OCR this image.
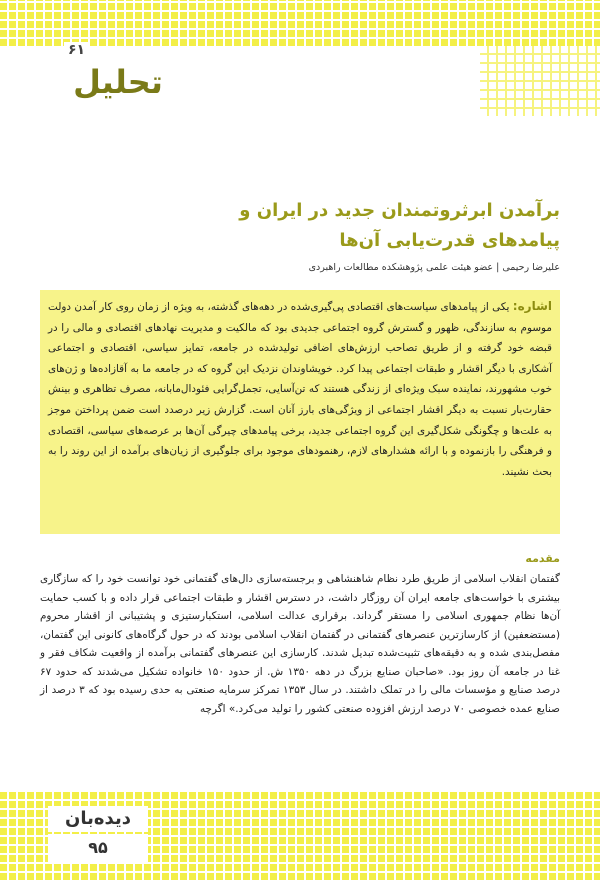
تحلیل
۶۱
برآمدن ابرثروتمندان جدید در ایران و
پیامدهای قدرت‌یابی آن‌ها
علیرضا رحیمی | عضو هیئت علمی پژوهشکده مطالعات راهبردی
اشاره: یکی از پیامدهای سیاست‌های اقتصادی پی‌گیری‌شده در دهه‌های گذشته، به ویژه از زمان روی کار آمدن دولت موسوم به سازندگی، ظهور و گسترش گروه اجتماعی جدیدی بود که مالکیت و مدیریت نهادهای اقتصادی و مالی را در قبضه خود گرفته و از طریق تصاحب ارزش‌های اضافی تولیدشده در جامعه، تمایز سیاسی، اقتصادی و اجتماعی آشکاری با دیگر اقشار و طبقات اجتماعی پیدا کرد. خویشاوندان نزدیک این گروه که در جامعه ما به آقازاده‌ها و ژن‌های خوب مشهورند، نماینده سبک ویژه‌ای از زندگی هستند که تن‌آسایی، تجمل‌گرایی فئودال‌مابانه، مصرف تظاهری و بینش حقارت‌بار نسبت به دیگر اقشار اجتماعی از ویژگی‌های بارز آنان است. گزارش زیر درصدد است ضمن پرداختن موجز به علت‌ها و چگونگی شکل‌گیری این گروه اجتماعی جدید، برخی پیامدهای چیرگی آن‌ها بر عرصه‌های سیاسی، اقتصادی و فرهنگی را بازنموده و با ارائه هشدارهای لازم، رهنمودهای موجود برای جلوگیری از زیان‌های برآمده از این روند را به بحث نشیند.
مقدمه
گفتمان انقلاب اسلامی از طریق طرد نظام شاهنشاهی و برجسته‌سازی دال‌های گفتمانی خود توانست خود را که سازگاری بیشتری با خواست‌های جامعه ایران آن روزگار داشت، در دسترس اقشار و طبقات اجتماعی قرار داده و با کسب حمایت آن‌ها نظام جمهوری اسلامی را مستقر گرداند. برقراری عدالت اسلامی، استکبارستیزی و پشتیبانی از اقشار محروم (مستضعفین) از کارسازترین عنصرهای گفتمانی در گفتمان انقلاب اسلامی بودند که در حول گرگاه‌های کانونی این گفتمان، مفصل‌بندی شده و به دقیقه‌های تثبیت‌شده تبدیل شدند. کارسازی این عنصرهای گفتمانی برآمده از واقعیت شکاف فقر و غنا در جامعه آن روز بود. «صاحبان صنایع بزرگ در دهه ۱۳۵۰ ش. از حدود ۱۵۰ خانواده تشکیل می‌شدند که حدود ۶۷ درصد صنایع و مؤسسات مالی را در تملک داشتند. در سال ۱۳۵۳ تمرکز سرمایه صنعتی به حدی رسیده بود که ۳ درصد از صنایع عمده خصوصی ۷۰ درصد ارزش افزوده صنعتی کشور را تولید می‌کرد.» اگرچه
دیده‌بان
۹۵
